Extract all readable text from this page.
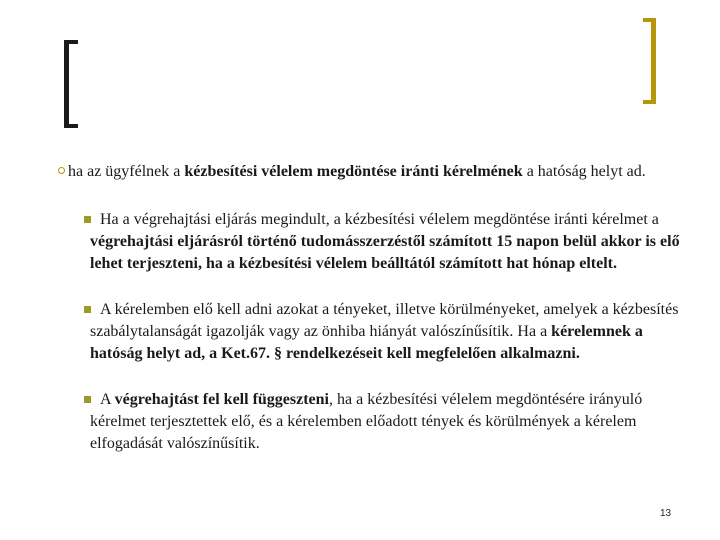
ha az ügyfélnek a kézbesítési vélelem megdöntése iránti kérelmének a hatóság helyt ad.

Ha a végrehajtási eljárás megindult, a kézbesítési vélelem megdöntése iránti kérelmet a végrehajtási eljárásról történő tudomásszerzéstől számított 15 napon belül akkor is elő lehet terjeszteni, ha a kézbesítési vélelem beálltától számított hat hónap eltelt.

A kérelemben elő kell adni azokat a tényeket, illetve körülményeket, amelyek a kézbesítés szabálytalanságát igazolják vagy az önhiba hiányát valószínűsítik. Ha a kérelemnek a hatóság helyt ad, a Ket.67. § rendelkezéseit kell megfelelően alkalmazni.

A végrehajtást fel kell függeszteni, ha a kézbesítési vélelem megdöntésére irányuló kérelmet terjesztettek elő, és a kérelemben előadott tények és körülmények a kérelem elfogadását valószínűsítik.

13
